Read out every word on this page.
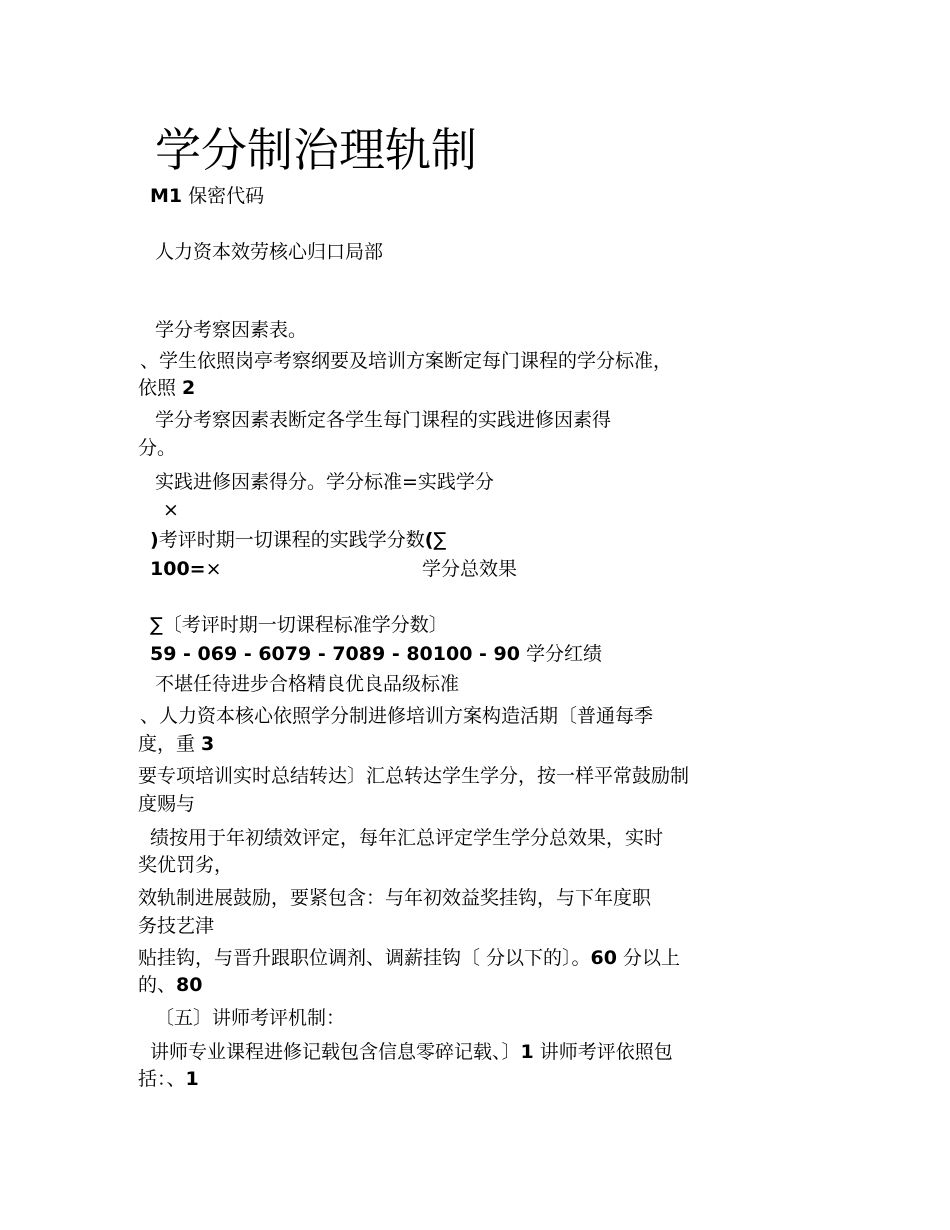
学分制治理轨制
M1 保密代码
人力资本效劳核心归口局部
学分考察因素表。
、学生依照岗亭考察纲要及培训方案断定每门课程的学分标准，
依照 2
学分考察因素表断定各学生每门课程的实践进修因素得
分。
实践进修因素得分。学分标准=实践学分
×
)考评时期一切课程的实践学分数(∑
100=×	学分总效果
∑〔考评时期一切课程标准学分数〕
59 - 069 - 6079 - 7089 - 80100 - 90 学分红绩
不堪任待进步合格精良优良品级标准
、人力资本核心依照学分制进修培训方案构造活期〔普通每季
度，重 3
要专项培训实时总结转达〕汇总转达学生学分，按一样平常鼓励制
度赐与
绩按用于年初绩效评定，每年汇总评定学生学分总效果，实时
奖优罚劣，
效轨制进展鼓励，要紧包含：与年初效益奖挂钩，与下年度职
务技艺津
贴挂钩，与晋升跟职位调剂、调薪挂钩〔 分以下的〕。60 分以上
的、80
〔五〕讲师考评机制：
讲师专业课程进修记载包含信息零碎记载、〕1 讲师考评依照包
括：、1
